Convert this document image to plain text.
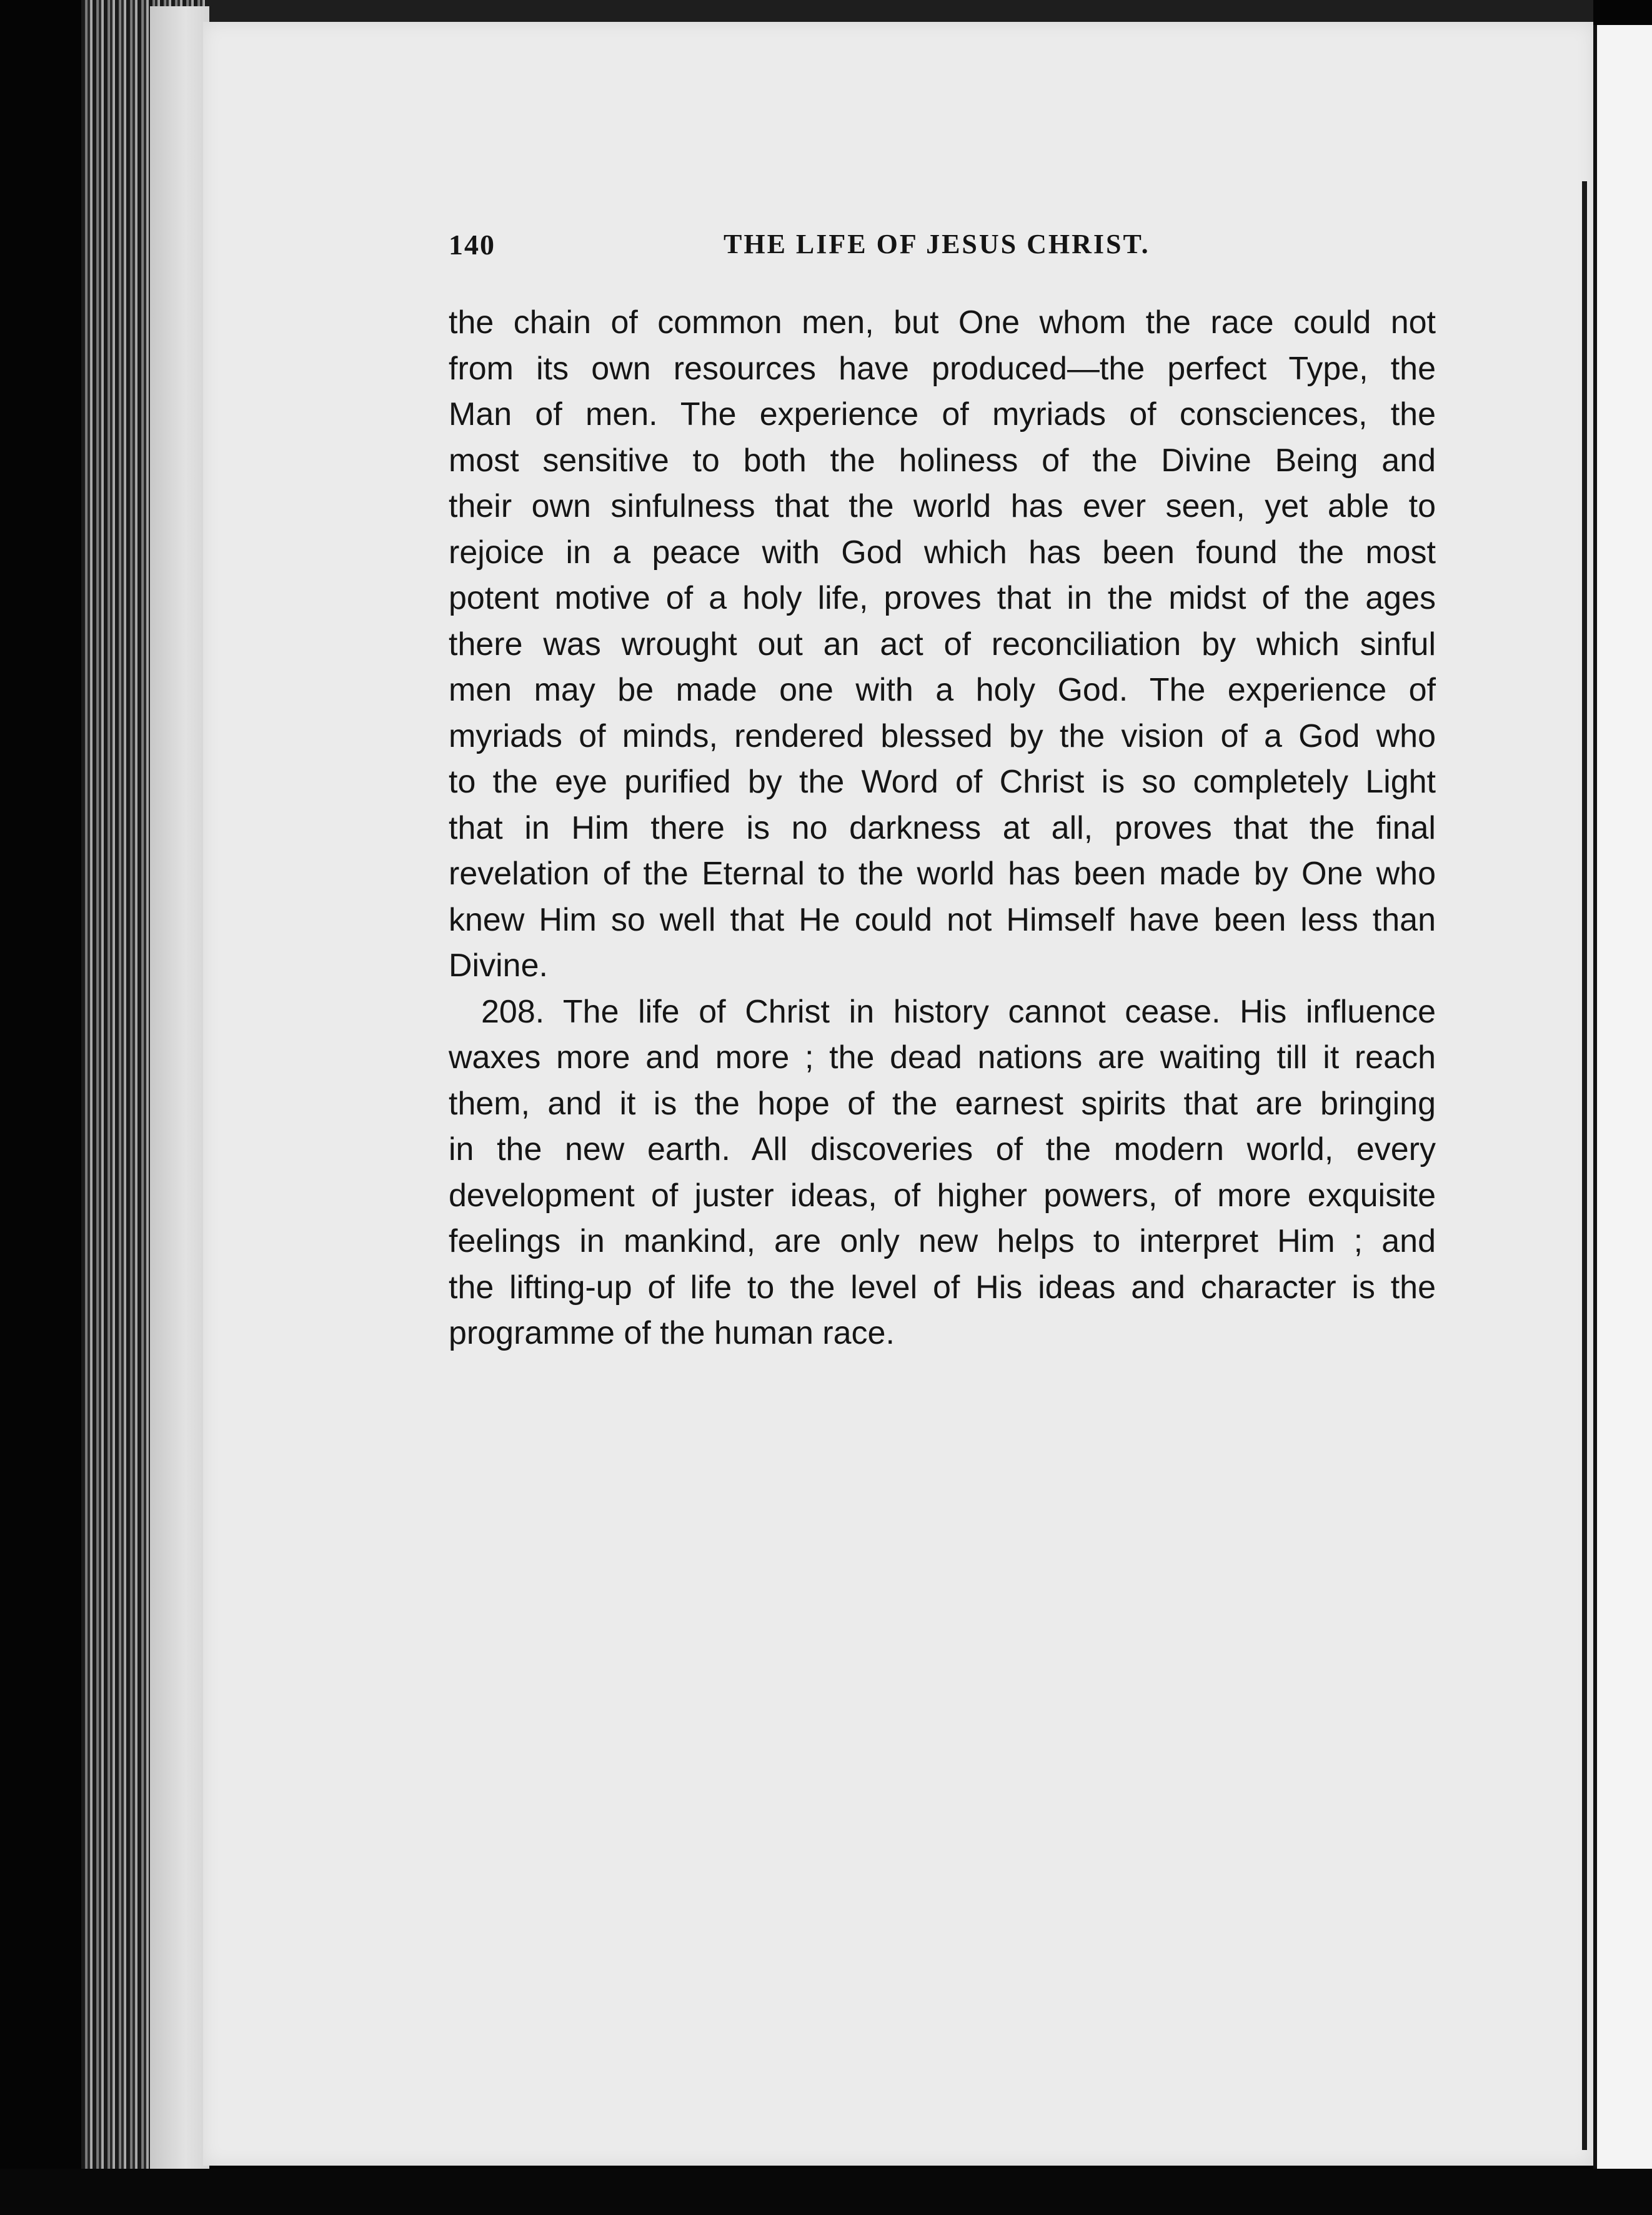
140	THE LIFE OF JESUS CHRIST.
the chain of common men, but One whom the race could not
from its own resources have produced—the perfect Type, the
Man of men. The experience of myriads of consciences, the
most sensitive to both the holiness of the Divine Being and
their own sinfulness that the world has ever seen, yet able to
rejoice in a peace with God which has been found the most
potent motive of a holy life, proves that in the midst of the ages
there was wrought out an act of reconciliation by which sinful
men may be made one with a holy God. The experience of
myriads of minds, rendered blessed by the vision of a God who
to the eye purified by the Word of Christ is so completely Light
that in Him there is no darkness at all, proves that the final
revelation of the Eternal to the world has been made by One who
knew Him so well that He could not Himself have been less than
Divine.
208. The life of Christ in history cannot cease. His influence
waxes more and more ; the dead nations are waiting till it reach
them, and it is the hope of the earnest spirits that are bringing
in the new earth. All discoveries of the modern world, every
development of juster ideas, of higher powers, of more exquisite
feelings in mankind, are only new helps to interpret Him ; and
the lifting-up of life to the level of His ideas and character is the
programme of the human race.
